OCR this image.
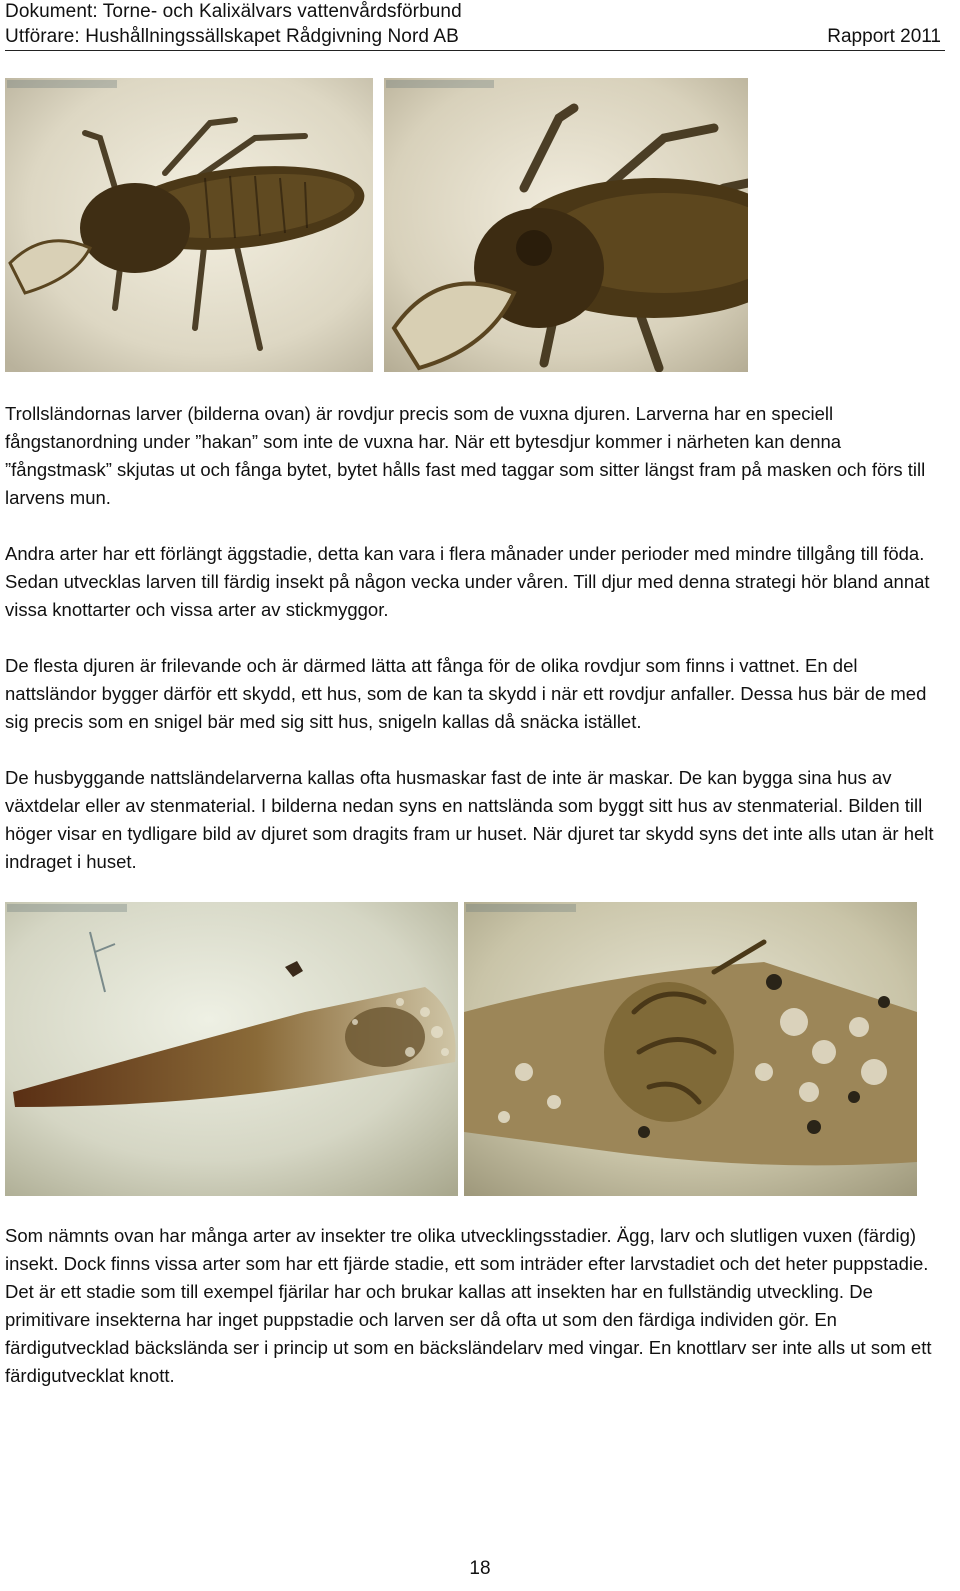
Dokument: Torne- och Kalixälvars vattenvårdsförbund
Utförare: Hushållningssällskapet Rådgivning Nord AB	Rapport 2011

Trollsländornas larver (bilderna ovan) är rovdjur precis som de vuxna djuren. Larverna har en speciell fångstanordning under ”hakan” som inte de vuxna har. När ett bytesdjur kommer i närheten kan denna ”fångstmask” skjutas ut och fånga bytet, bytet hålls fast med taggar som sitter längst fram på masken och förs till larvens mun.

Andra arter har ett förlängt äggstadie, detta kan vara i flera månader under perioder med mindre tillgång till föda. Sedan utvecklas larven till färdig insekt på någon vecka under våren. Till djur med denna strategi hör bland annat vissa knottarter och vissa arter av stickmyggor.

De flesta djuren är frilevande och är därmed lätta att fånga för de olika rovdjur som finns i vattnet. En del nattsländor bygger därför ett skydd, ett hus, som de kan ta skydd i när ett rovdjur anfaller. Dessa hus bär de med sig precis som en snigel bär med sig sitt hus, snigeln kallas då snäcka istället.

De husbyggande nattsländelarverna kallas ofta husmaskar fast de inte är maskar. De kan bygga sina hus av växtdelar eller av stenmaterial. I bilderna nedan syns en nattslända som byggt sitt hus av stenmaterial. Bilden till höger visar en tydligare bild av djuret som dragits fram ur huset. När djuret tar skydd syns det inte alls utan är helt indraget i huset.

Som nämnts ovan har många arter av insekter tre olika utvecklingsstadier. Ägg, larv och slutligen vuxen (färdig) insekt. Dock finns vissa arter som har ett fjärde stadie, ett som inträder efter larvstadiet och det heter puppstadie. Det är ett stadie som till exempel fjärilar har och brukar kallas att insekten har en fullständig utveckling. De primitivare insekterna har inget puppstadie och larven ser då ofta ut som den färdiga individen gör. En färdigutvecklad bäckslända ser i princip ut som en bäcksländelarv med vingar. En knottlarv ser inte alls ut som ett färdigutvecklat knott.

18
